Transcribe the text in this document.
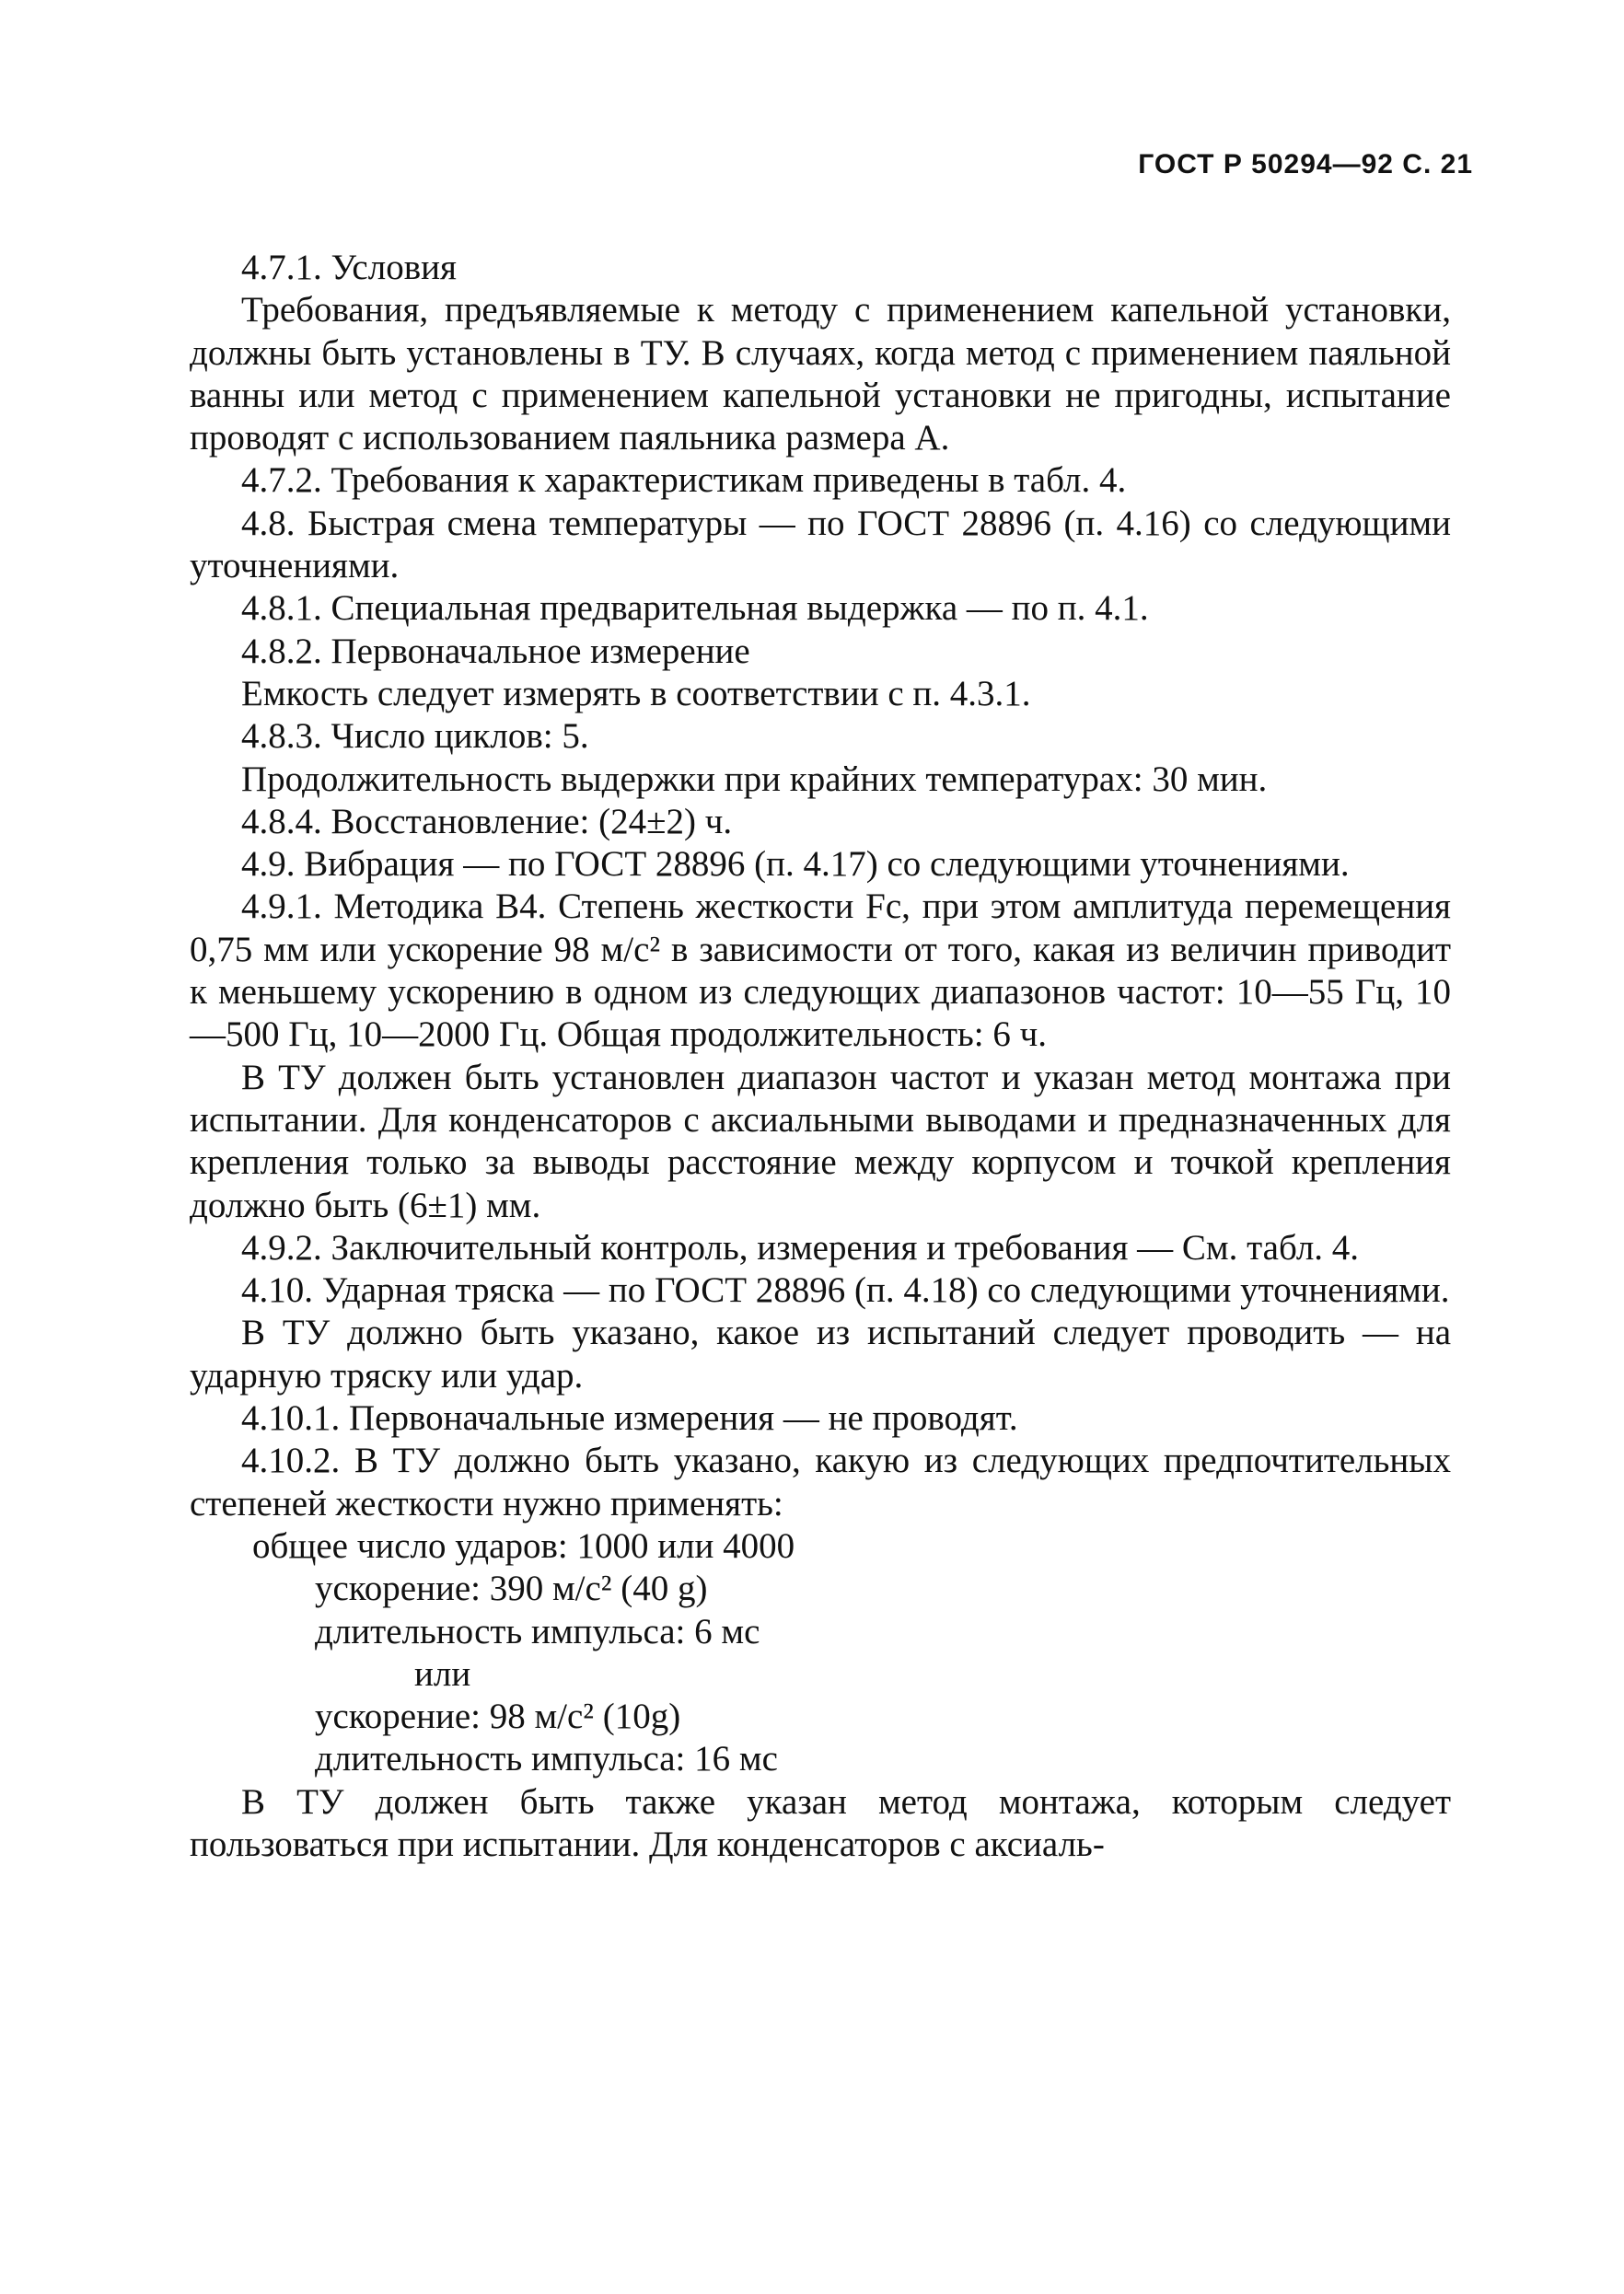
ГОСТ Р 50294—92 С. 21

4.7.1. Условия

Требования, предъявляемые к методу с применением капельной установки, должны быть установлены в ТУ. В случаях, когда метод с применением паяльной ванны или метод с применением капельной установки не пригодны, испытание проводят с использованием паяльника размера А.

4.7.2. Требования к характеристикам приведены в табл. 4.

4.8. Быстрая смена температуры — по ГОСТ 28896 (п. 4.16) со следующими уточнениями.

4.8.1. Специальная предварительная выдержка — по п. 4.1.

4.8.2. Первоначальное измерение

Емкость следует измерять в соответствии с п. 4.3.1.

4.8.3. Число циклов: 5.

Продолжительность выдержки при крайних температурах: 30 мин.

4.8.4. Восстановление: (24±2) ч.

4.9. Вибрация — по ГОСТ 28896 (п. 4.17) со следующими уточнениями.

4.9.1. Методика В4. Степень жесткости Fc, при этом амплитуда перемещения 0,75 мм или ускорение 98 м/с² в зависимости от того, какая из величин приводит к меньшему ускорению в одном из следующих диапазонов частот: 10—55 Гц, 10—500 Гц, 10—2000 Гц. Общая продолжительность: 6 ч.

В ТУ должен быть установлен диапазон частот и указан метод монтажа при испытании. Для конденсаторов с аксиальными выводами и предназначенных для крепления только за выводы расстояние между корпусом и точкой крепления должно быть (6±1) мм.

4.9.2. Заключительный контроль, измерения и требования — См. табл. 4.

4.10. Ударная тряска — по ГОСТ 28896 (п. 4.18) со следующими уточнениями.

В ТУ должно быть указано, какое из испытаний следует проводить — на ударную тряску или удар.

4.10.1. Первоначальные измерения — не проводят.

4.10.2. В ТУ должно быть указано, какую из следующих предпочтительных степеней жесткости нужно применять:

общее число ударов: 1000 или 4000

ускорение: 390 м/с² (40 g)

длительность импульса: 6 мс

или

ускорение: 98 м/с² (10g)

длительность импульса: 16 мс

В ТУ должен быть также указан метод монтажа, которым следует пользоваться при испытании. Для конденсаторов с аксиаль-
